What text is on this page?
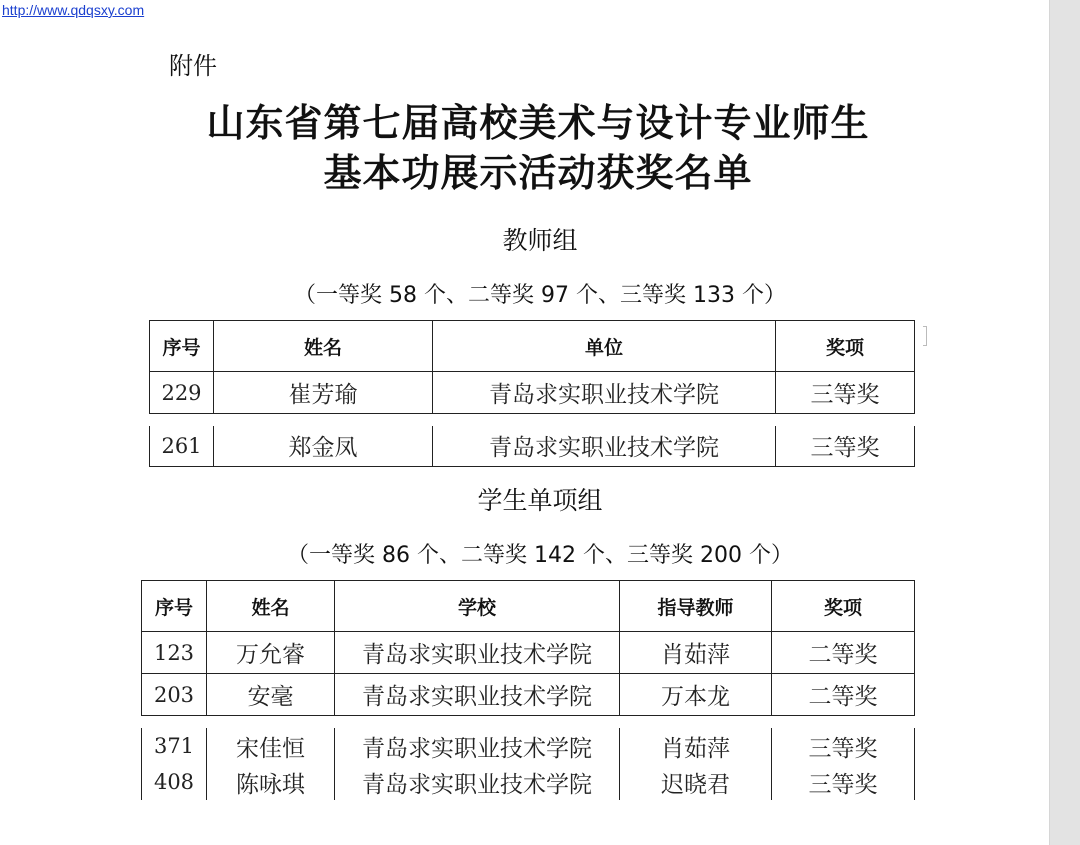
http://www.qdqsxy.com
附件
山东省第七届高校美术与设计专业师生
基本功展示活动获奖名单
教师组
（一等奖 58 个、二等奖 97 个、三等奖 133 个）
序号	姓名	单位	奖项
229	崔芳瑜	青岛求实职业技术学院	三等奖

261	郑金凤	青岛求实职业技术学院	三等奖
学生单项组
（一等奖 86 个、二等奖 142 个、三等奖 200 个）
序号	姓名	学校	指导教师	奖项
123	万允睿	青岛求实职业技术学院	肖茹萍	二等奖
203	安毫	青岛求实职业技术学院	万本龙	二等奖

371	宋佳恒	青岛求实职业技术学院	肖茹萍	三等奖
408	陈咏琪	青岛求实职业技术学院	迟晓君	三等奖
